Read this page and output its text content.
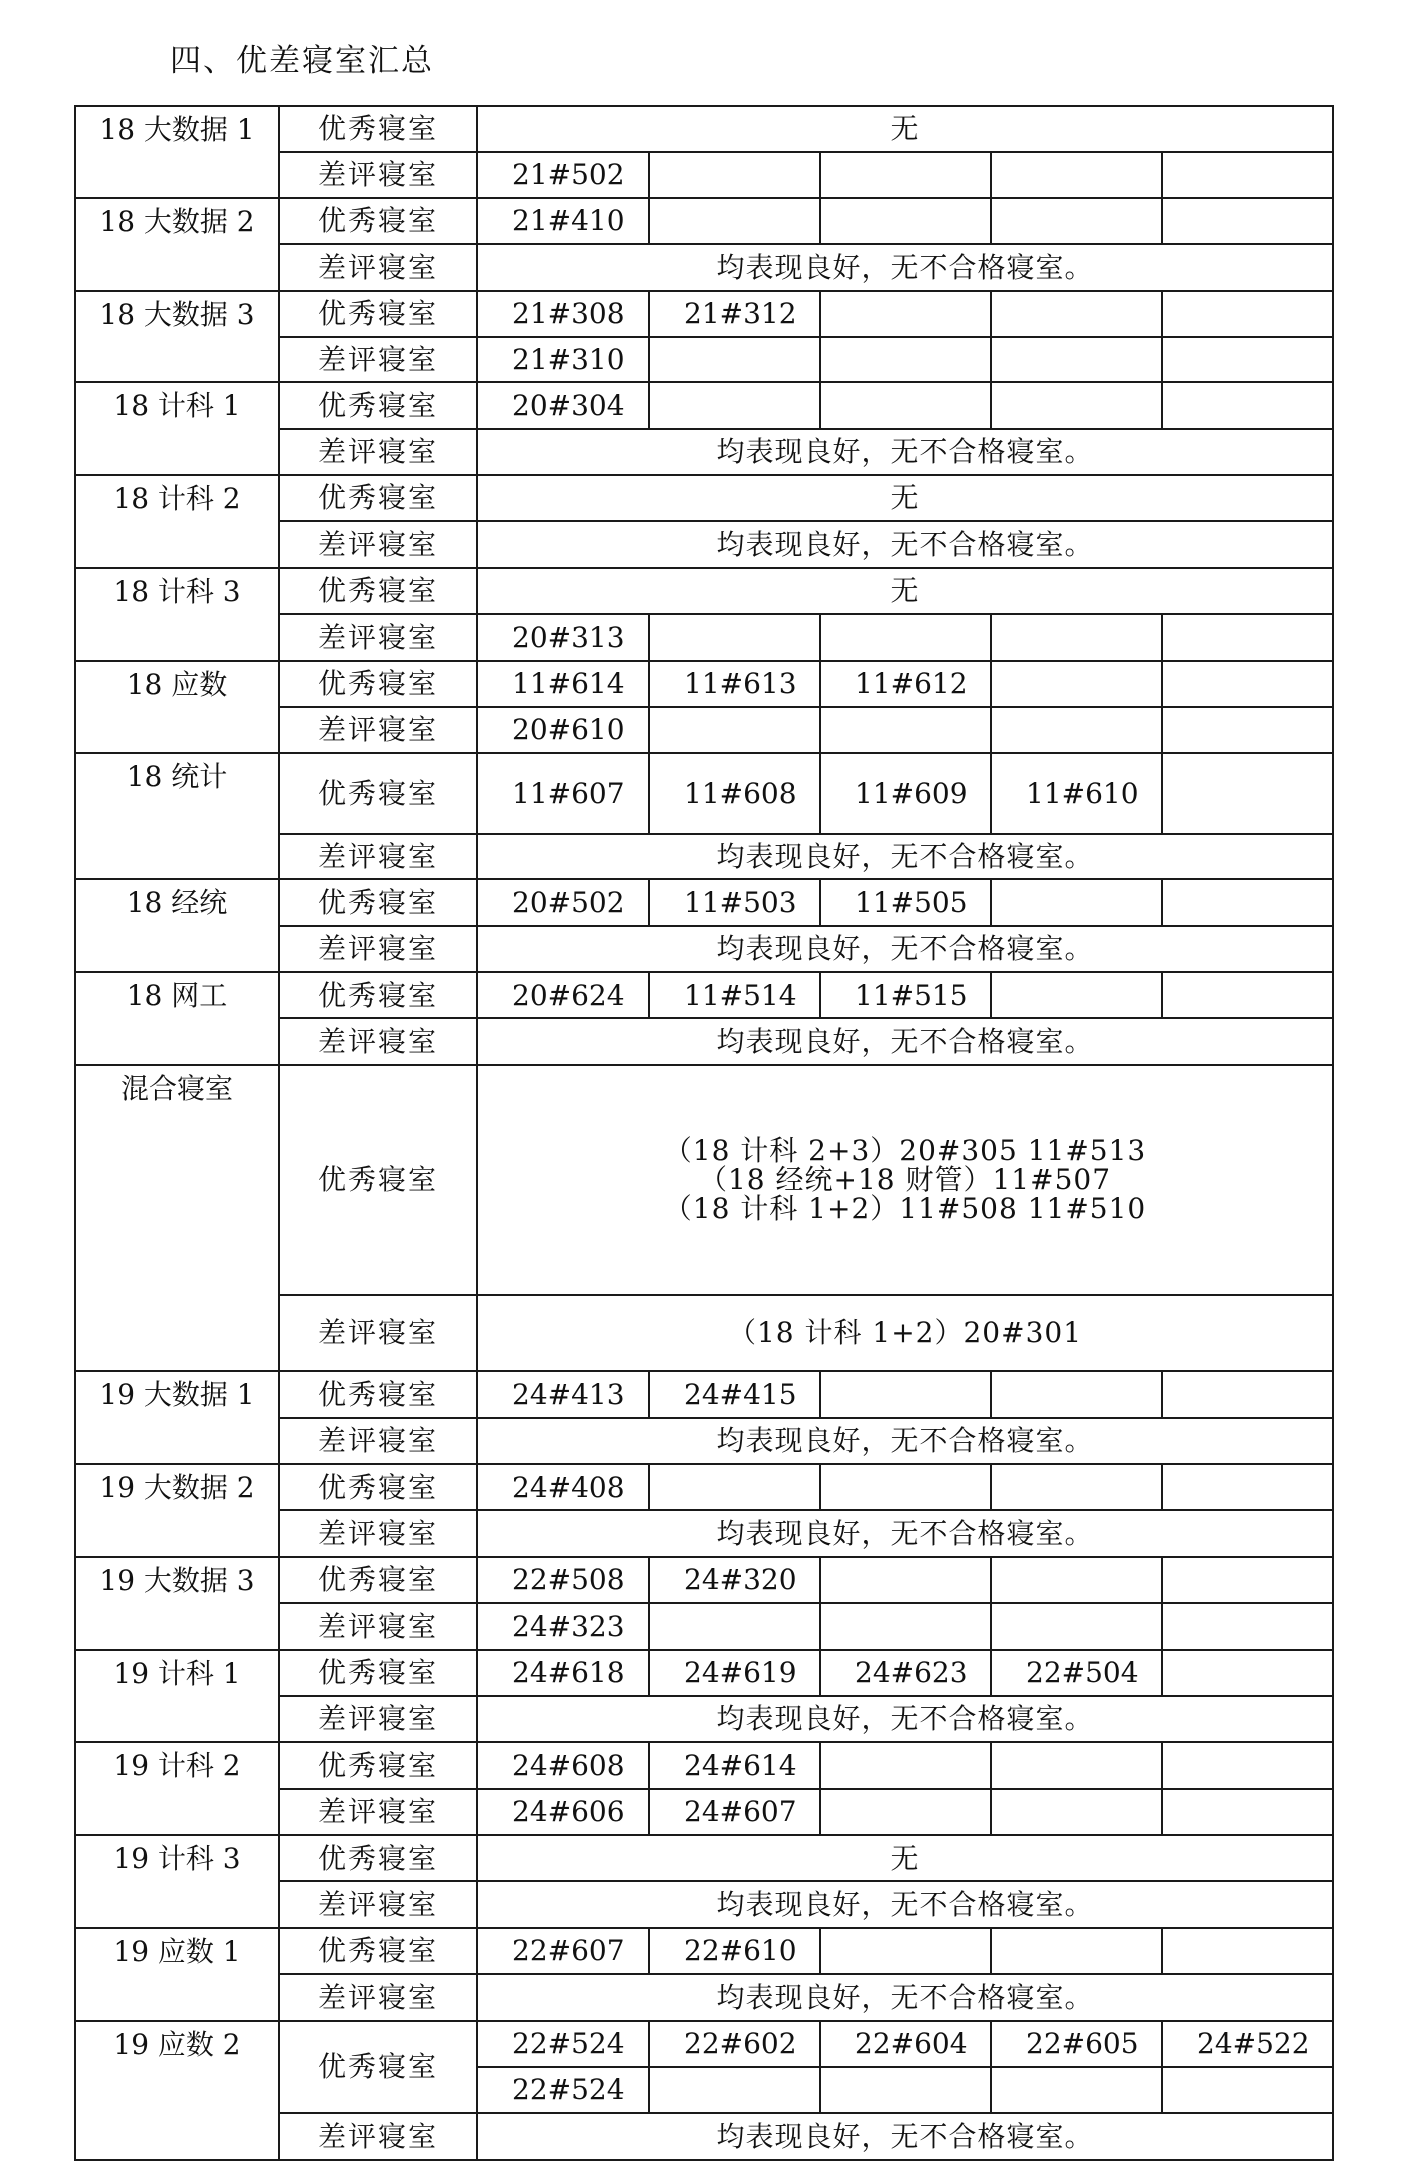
四、优差寝室汇总
18 大数据 1	优秀寝室	无				
	差评寝室	21#502				
18 大数据 2	优秀寝室	21#410				
	差评寝室	均表现良好，无不合格寝室。				
18 大数据 3	优秀寝室	21#308	21#312			
	差评寝室	21#310				
18 计科 1	优秀寝室	20#304				
	差评寝室	均表现良好，无不合格寝室。				
18 计科 2	优秀寝室	无				
	差评寝室	均表现良好，无不合格寝室。				
18 计科 3	优秀寝室	无				
	差评寝室	20#313				
18 应数	优秀寝室	11#614	11#613	11#612		
	差评寝室	20#610				
18 统计	优秀寝室	11#607	11#608	11#609	11#610	
	差评寝室	均表现良好，无不合格寝室。				
18 经统	优秀寝室	20#502	11#503	11#505		
	差评寝室	均表现良好，无不合格寝室。				
18 网工	优秀寝室	20#624	11#514	11#515		
	差评寝室	均表现良好，无不合格寝室。				
混合寝室	优秀寝室	（18 计科 2+3）20#305 11#513
（18 经统+18 财管）11#507
（18 计科 1+2）11#508 11#510				

	差评寝室	（18 计科 1+2）20#301				

19 大数据 1	优秀寝室	24#413	24#415			
	差评寝室	均表现良好，无不合格寝室。				
19 大数据 2	优秀寝室	24#408				
	差评寝室	均表现良好，无不合格寝室。				
19 大数据 3	优秀寝室	22#508	24#320			
	差评寝室	24#323				
19 计科 1	优秀寝室	24#618	24#619	24#623	22#504	
	差评寝室	均表现良好，无不合格寝室。				
19 计科 2	优秀寝室	24#608	24#614			
	差评寝室	24#606	24#607			
19 计科 3	优秀寝室	无				
	差评寝室	均表现良好，无不合格寝室。				
19 应数 1	优秀寝室	22#607	22#610			
	差评寝室	均表现良好，无不合格寝室。				
19 应数 2	优秀寝室	22#524	22#602	22#604	22#605	24#522
		22#524				
	差评寝室	均表现良好，无不合格寝室。				
